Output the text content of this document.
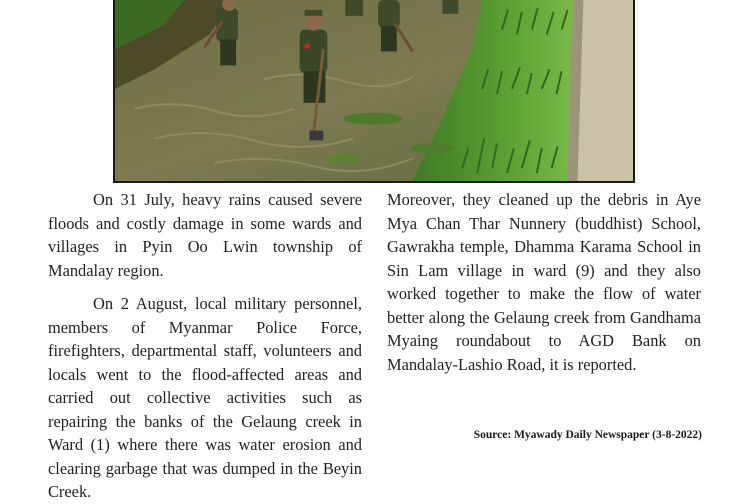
On 31 July, heavy rains caused severe floods and costly damage in some wards and villages in Pyin Oo Lwin township of Mandalay region.

On 2 August, local military personnel, members of Myanmar Police Force, firefighters, departmental staff, volunteers and locals went to the flood-affected areas and carried out collective activities such as repairing the banks of the Gelaung creek in Ward (1) where there was water erosion and clearing garbage that was dumped in the Beyin Creek.

Moreover, they cleaned up the debris in Aye Mya Chan Thar Nunnery (buddhist) School, Gawrakha temple, Dhamma Karama School in Sin Lam village in ward (9) and they also worked together to make the flow of water better along the Gelaung creek from Gandhama Myaing roundabout to AGD Bank on Mandalay-Lashio Road, it is reported.

Source: Myawady Daily Newspaper (3-8-2022)
